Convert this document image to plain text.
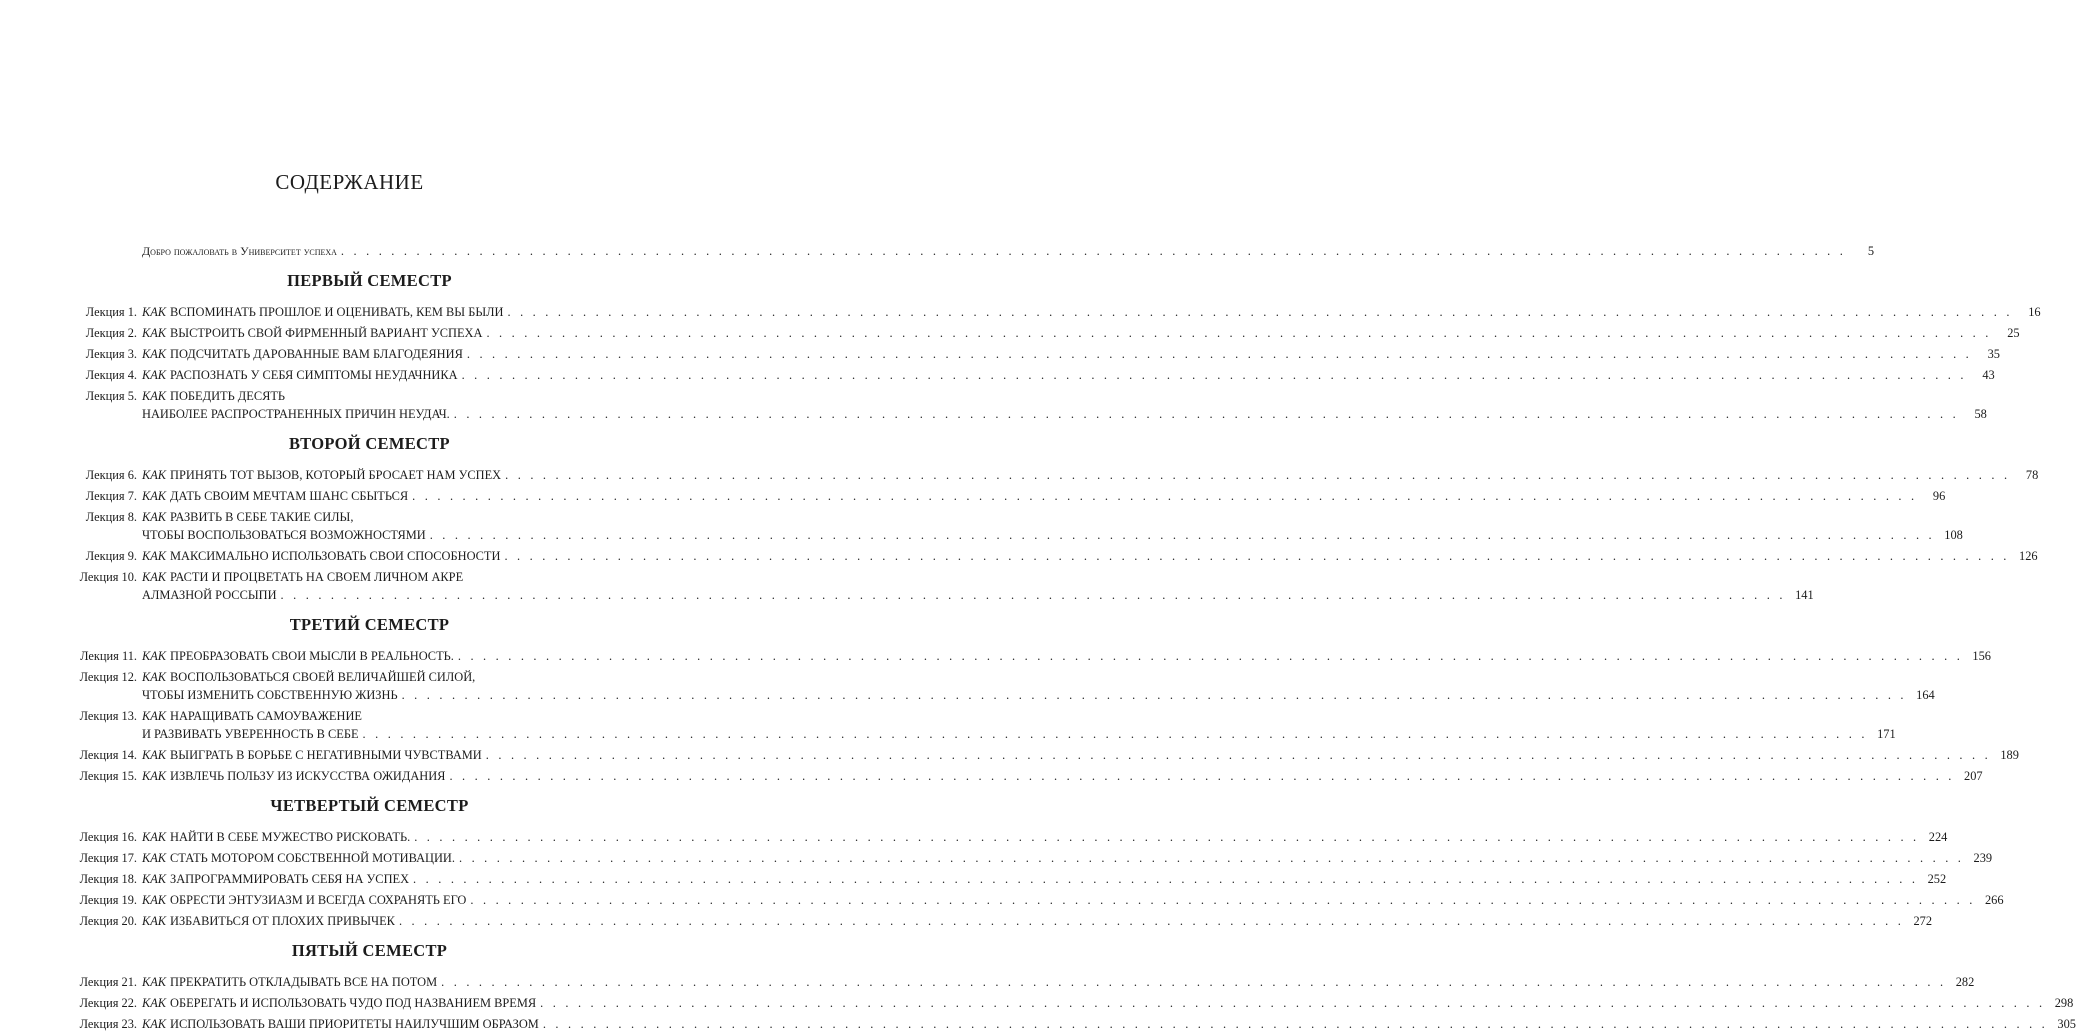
СОДЕРЖАНИЕ
Добро пожаловать в Университет успеха . . . . . . . . . . . . . . . . . . . . . . . . . . . . . . . . . . . . . . . . . . . . . . . . . . . . . . . . . . . . . . . . . . . . . . . . . . . . . . . . . . . . . . . . . . . . . . . . . . . . . . . . . . . . . . . . . . . . . . . .	5
ПЕРВЫЙ СЕМЕСТР
Лекция 1. КАК ВСПОМИНАТЬ ПРОШЛОЕ И ОЦЕНИВАТЬ, КЕМ ВЫ БЫЛИ . . . . . . . . . . . . . . . . . . . . . . . . . . . . . . . . . . . . . . . . . . . . . . . . . . . . . . . . . . . . . . . . . . . . . . . . . . . . . . . . . . . . . . . . . . . . . . . . . . . . . . . . . . . . . . . . . . . . . . . .	16
Лекция 2. КАК ВЫСТРОИТЬ СВОЙ ФИРМЕННЫЙ ВАРИАНТ УСПЕХА . . . . . . . . . . . . . . . . . . . . . . . . . . . . . . . . . . . . . . . . . . . . . . . . . . . . . . . . . . . . . . . . . . . . . . . . . . . . . . . . . . . . . . . . . . . . . . . . . . . . . . . . . . . . . . . . . . . . . . . .	25
Лекция 3. КАК ПОДСЧИТАТЬ ДАРОВАННЫЕ ВАМ БЛАГОДЕЯНИЯ . . . . . . . . . . . . . . . . . . . . . . . . . . . . . . . . . . . . . . . . . . . . . . . . . . . . . . . . . . . . . . . . . . . . . . . . . . . . . . . . . . . . . . . . . . . . . . . . . . . . . . . . . . . . . . . . . . . . . . . .	35
Лекция 4. КАК РАСПОЗНАТЬ У СЕБЯ СИМПТОМЫ НЕУДАЧНИКА . . . . . . . . . . . . . . . . . . . . . . . . . . . . . . . . . . . . . . . . . . . . . . . . . . . . . . . . . . . . . . . . . . . . . . . . . . . . . . . . . . . . . . . . . . . . . . . . . . . . . . . . . . . . . . . . . . . . . . . .	43
Лекция 5. КАК ПОБЕДИТЬ ДЕСЯТЬ
НАИБОЛЕЕ РАСПРОСТРАНЕННЫХ ПРИЧИН НЕУДАЧ. . . . . . . . . . . . . . . . . . . . . . . . . . . . . . . . . . . . . . . . . . . . . . . . . . . . . . . . . . . . . . . . . . . . . . . . . . . . . . . . . . . . . . . . . . . . . . . . . . . . . . . . . . . . . . . . . . . . . . . . .	58
ВТОРОЙ СЕМЕСТР
Лекция 6. КАК ПРИНЯТЬ ТОТ ВЫЗОВ, КОТОРЫЙ БРОСАЕТ НАМ УСПЕХ . . . . . . . . . . . . . . . . . . . . . . . . . . . . . . . . . . . . . . . . . . . . . . . . . . . . . . . . . . . . . . . . . . . . . . . . . . . . . . . . . . . . . . . . . . . . . . . . . . . . . . . . . . . . . . . . . . . . . . . .	78
Лекция 7. КАК ДАТЬ СВОИМ МЕЧТАМ ШАНС СБЫТЬСЯ . . . . . . . . . . . . . . . . . . . . . . . . . . . . . . . . . . . . . . . . . . . . . . . . . . . . . . . . . . . . . . . . . . . . . . . . . . . . . . . . . . . . . . . . . . . . . . . . . . . . . . . . . . . . . . . . . . . . . . . .	96
Лекция 8. КАК РАЗВИТЬ В СЕБЕ ТАКИЕ СИЛЫ,
ЧТОБЫ ВОСПОЛЬЗОВАТЬСЯ ВОЗМОЖНОСТЯМИ . . . . . . . . . . . . . . . . . . . . . . . . . . . . . . . . . . . . . . . . . . . . . . . . . . . . . . . . . . . . . . . . . . . . . . . . . . . . . . . . . . . . . . . . . . . . . . . . . . . . . . . . . . . . . . . . . . . . . . . . 108
Лекция 9. КАК МАКСИМАЛЬНО ИСПОЛЬЗОВАТЬ СВОИ СПОСОБНОСТИ . . . . . . . . . . . . . . . . . . . . . . . . . . . . . . . . . . . . . . . . . . . . . . . . . . . . . . . . . . . . . . . . . . . . . . . . . . . . . . . . . . . . . . . . . . . . . . . . . . . . . . . . . . . . . . . . . . . . . . . . 126
Лекция 10. КАК РАСТИ И ПРОЦВЕТАТЬ НА СВОЕМ ЛИЧНОМ АКРЕ
АЛМАЗНОЙ РОССЫПИ . . . . . . . . . . . . . . . . . . . . . . . . . . . . . . . . . . . . . . . . . . . . . . . . . . . . . . . . . . . . . . . . . . . . . . . . . . . . . . . . . . . . . . . . . . . . . . . . . . . . . . . . . . . . . . . . . . . . . . . . 141
ТРЕТИЙ СЕМЕСТР
Лекция 11. КАК ПРЕОБРАЗОВАТЬ СВОИ МЫСЛИ В РЕАЛЬНОСТЬ. . . . . . . . . . . . . . . . . . . . . . . . . . . . . . . . . . . . . . . . . . . . . . . . . . . . . . . . . . . . . . . . . . . . . . . . . . . . . . . . . . . . . . . . . . . . . . . . . . . . . . . . . . . . . . . . . . . . . . . . . 156
Лекция 12. КАК ВОСПОЛЬЗОВАТЬСЯ СВОЕЙ ВЕЛИЧАЙШЕЙ СИЛОЙ,
ЧТОБЫ ИЗМЕНИТЬ СОБСТВЕННУЮ ЖИЗНЬ . . . . . . . . . . . . . . . . . . . . . . . . . . . . . . . . . . . . . . . . . . . . . . . . . . . . . . . . . . . . . . . . . . . . . . . . . . . . . . . . . . . . . . . . . . . . . . . . . . . . . . . . . . . . . . . . . . . . . . . . 164
Лекция 13. КАК НАРАЩИВАТЬ САМОУВАЖЕНИЕ
И РАЗВИВАТЬ УВЕРЕННОСТЬ В СЕБЕ . . . . . . . . . . . . . . . . . . . . . . . . . . . . . . . . . . . . . . . . . . . . . . . . . . . . . . . . . . . . . . . . . . . . . . . . . . . . . . . . . . . . . . . . . . . . . . . . . . . . . . . . . . . . . . . . . . . . . . . . 171
Лекция 14. КАК ВЫИГРАТЬ В БОРЬБЕ С НЕГАТИВНЫМИ ЧУВСТВАМИ . . . . . . . . . . . . . . . . . . . . . . . . . . . . . . . . . . . . . . . . . . . . . . . . . . . . . . . . . . . . . . . . . . . . . . . . . . . . . . . . . . . . . . . . . . . . . . . . . . . . . . . . . . . . . . . . . . . . . . . . 189
Лекция 15. КАК ИЗВЛЕЧЬ ПОЛЬЗУ ИЗ ИСКУССТВА ОЖИДАНИЯ . . . . . . . . . . . . . . . . . . . . . . . . . . . . . . . . . . . . . . . . . . . . . . . . . . . . . . . . . . . . . . . . . . . . . . . . . . . . . . . . . . . . . . . . . . . . . . . . . . . . . . . . . . . . . . . . . . . . . . . . 207
ЧЕТВЕРТЫЙ СЕМЕСТР
Лекция 16. КАК НАЙТИ В СЕБЕ МУЖЕСТВО РИСКОВАТЬ. . . . . . . . . . . . . . . . . . . . . . . . . . . . . . . . . . . . . . . . . . . . . . . . . . . . . . . . . . . . . . . . . . . . . . . . . . . . . . . . . . . . . . . . . . . . . . . . . . . . . . . . . . . . . . . . . . . . . . . . . 224
Лекция 17. КАК СТАТЬ МОТОРОМ СОБСТВЕННОЙ МОТИВАЦИИ. . . . . . . . . . . . . . . . . . . . . . . . . . . . . . . . . . . . . . . . . . . . . . . . . . . . . . . . . . . . . . . . . . . . . . . . . . . . . . . . . . . . . . . . . . . . . . . . . . . . . . . . . . . . . . . . . . . . . . . . . 239
Лекция 18. КАК ЗАПРОГРАММИРОВАТЬ СЕБЯ НА УСПЕХ . . . . . . . . . . . . . . . . . . . . . . . . . . . . . . . . . . . . . . . . . . . . . . . . . . . . . . . . . . . . . . . . . . . . . . . . . . . . . . . . . . . . . . . . . . . . . . . . . . . . . . . . . . . . . . . . . . . . . . . . 252
Лекция 19. КАК ОБРЕСТИ ЭНТУЗИАЗМ И ВСЕГДА СОХРАНЯТЬ ЕГО . . . . . . . . . . . . . . . . . . . . . . . . . . . . . . . . . . . . . . . . . . . . . . . . . . . . . . . . . . . . . . . . . . . . . . . . . . . . . . . . . . . . . . . . . . . . . . . . . . . . . . . . . . . . . . . . . . . . . . . . 266
Лекция 20. КАК ИЗБАВИТЬСЯ ОТ ПЛОХИХ ПРИВЫЧЕК . . . . . . . . . . . . . . . . . . . . . . . . . . . . . . . . . . . . . . . . . . . . . . . . . . . . . . . . . . . . . . . . . . . . . . . . . . . . . . . . . . . . . . . . . . . . . . . . . . . . . . . . . . . . . . . . . . . . . . . . 272
ПЯТЫЙ СЕМЕСТР
Лекция 21. КАК ПРЕКРАТИТЬ ОТКЛАДЫВАТЬ ВСЕ НА ПОТОМ . . . . . . . . . . . . . . . . . . . . . . . . . . . . . . . . . . . . . . . . . . . . . . . . . . . . . . . . . . . . . . . . . . . . . . . . . . . . . . . . . . . . . . . . . . . . . . . . . . . . . . . . . . . . . . . . . . . . . . . . 282
Лекция 22. КАК ОБЕРЕГАТЬ И ИСПОЛЬЗОВАТЬ ЧУДО ПОД НАЗВАНИЕМ ВРЕМЯ . . . . . . . . . . . . . . . . . . . . . . . . . . . . . . . . . . . . . . . . . . . . . . . . . . . . . . . . . . . . . . . . . . . . . . . . . . . . . . . . . . . . . . . . . . . . . . . . . . . . . . . . . . . . . . . . . . . . . . . . 298
Лекция 23. КАК ИСПОЛЬЗОВАТЬ ВАШИ ПРИОРИТЕТЫ НАИЛУЧШИМ ОБРАЗОМ . . . . . . . . . . . . . . . . . . . . . . . . . . . . . . . . . . . . . . . . . . . . . . . . . . . . . . . . . . . . . . . . . . . . . . . . . . . . . . . . . . . . . . . . . . . . . . . . . . . . . . . . . . . . . . . . . . . . . . . . 305
